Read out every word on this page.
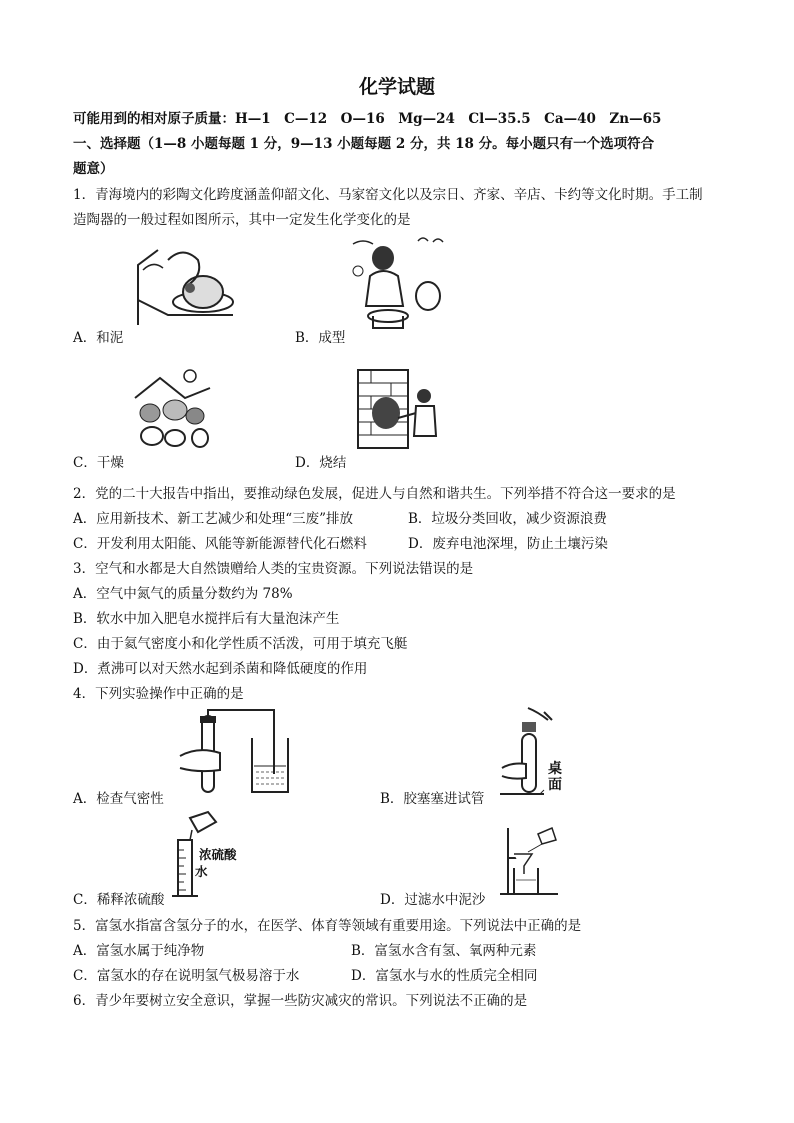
化学试题
可能用到的相对原子质量：H—1　C—12　O—16　Mg—24　Cl—35.5　Ca—40　Zn—65
一、选择题（1—8 小题每题 1 分，9—13 小题每题 2 分，共 18 分。每小题只有一个选项符合
题意）
1．青海境内的彩陶文化跨度涵盖仰韶文化、马家窑文化以及宗日、齐家、辛店、卡约等文化时期。手工制
造陶器的一般过程如图所示，其中一定发生化学变化的是
A．和泥	B．成型
C．干燥	D．烧结
2．党的二十大报告中指出，要推动绿色发展，促进人与自然和谐共生。下列举措不符合这一要求的是
A．应用新技术、新工艺减少和处理“三废”排放	B．垃圾分类回收，减少资源浪费
C．开发利用太阳能、风能等新能源替代化石燃料	D．废弃电池深埋，防止土壤污染
3．空气和水都是大自然馈赠给人类的宝贵资源。下列说法错误的是
A．空气中氮气的质量分数约为 78%
B．软水中加入肥皂水搅拌后有大量泡沫产生
C．由于氦气密度小和化学性质不活泼，可用于填充飞艇
D．煮沸可以对天然水起到杀菌和降低硬度的作用
4．下列实验操作中正确的是
A．检查气密性
桌
面
B．胶塞塞进试管
浓硫酸
水
C．稀释浓硫酸	D．过滤水中泥沙
5．富氢水指富含氢分子的水，在医学、体育等领域有重要用途。下列说法中正确的是
A．富氢水属于纯净物	B．富氢水含有氢、氧两种元素
C．富氢水的存在说明氢气极易溶于水	D．富氢水与水的性质完全相同
6．青少年要树立安全意识，掌握一些防灾减灾的常识。下列说法不正确的是
